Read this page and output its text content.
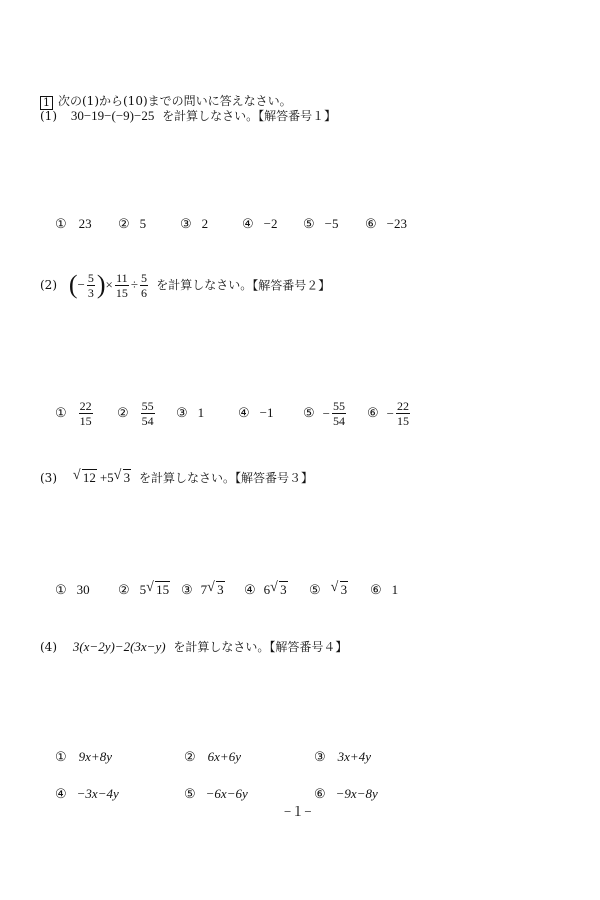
1 次の(1)から(10)までの問いに答えなさい。
(1) 30−19−(−9)−25 を計算しなさい。【解答番号１】
① 23 ② 5	③ 2	④ −2 ⑤ −5 ⑥ −23
(2) (− $\frac{5}{3}$ )× $\frac{11}{15} \div \frac{5}{6}$ を計算しなさい。【解答番号２】
① $\frac{22}{15}$ ② $\frac{55}{54}$ ③ 1	④ −1 ⑤ − $\frac{55}{54}$ ⑥ − $\frac{22}{15}$
(3) √ 12 +5 √ 3 を計算しなさい。【解答番号３】
① 30 ② 5 √ 15 ③ 7 √ 3 ④ 6 √ 3 ⑤ √ 3 ⑥ 1
(4) 3(x−2y)−2(3x−y) を計算しなさい。【解答番号４】
① 9x+8y	② 6x+6y	③ 3x+4y
④ −3x−4y	⑤ −6x−6y	⑥ −9x−8y
−１−
